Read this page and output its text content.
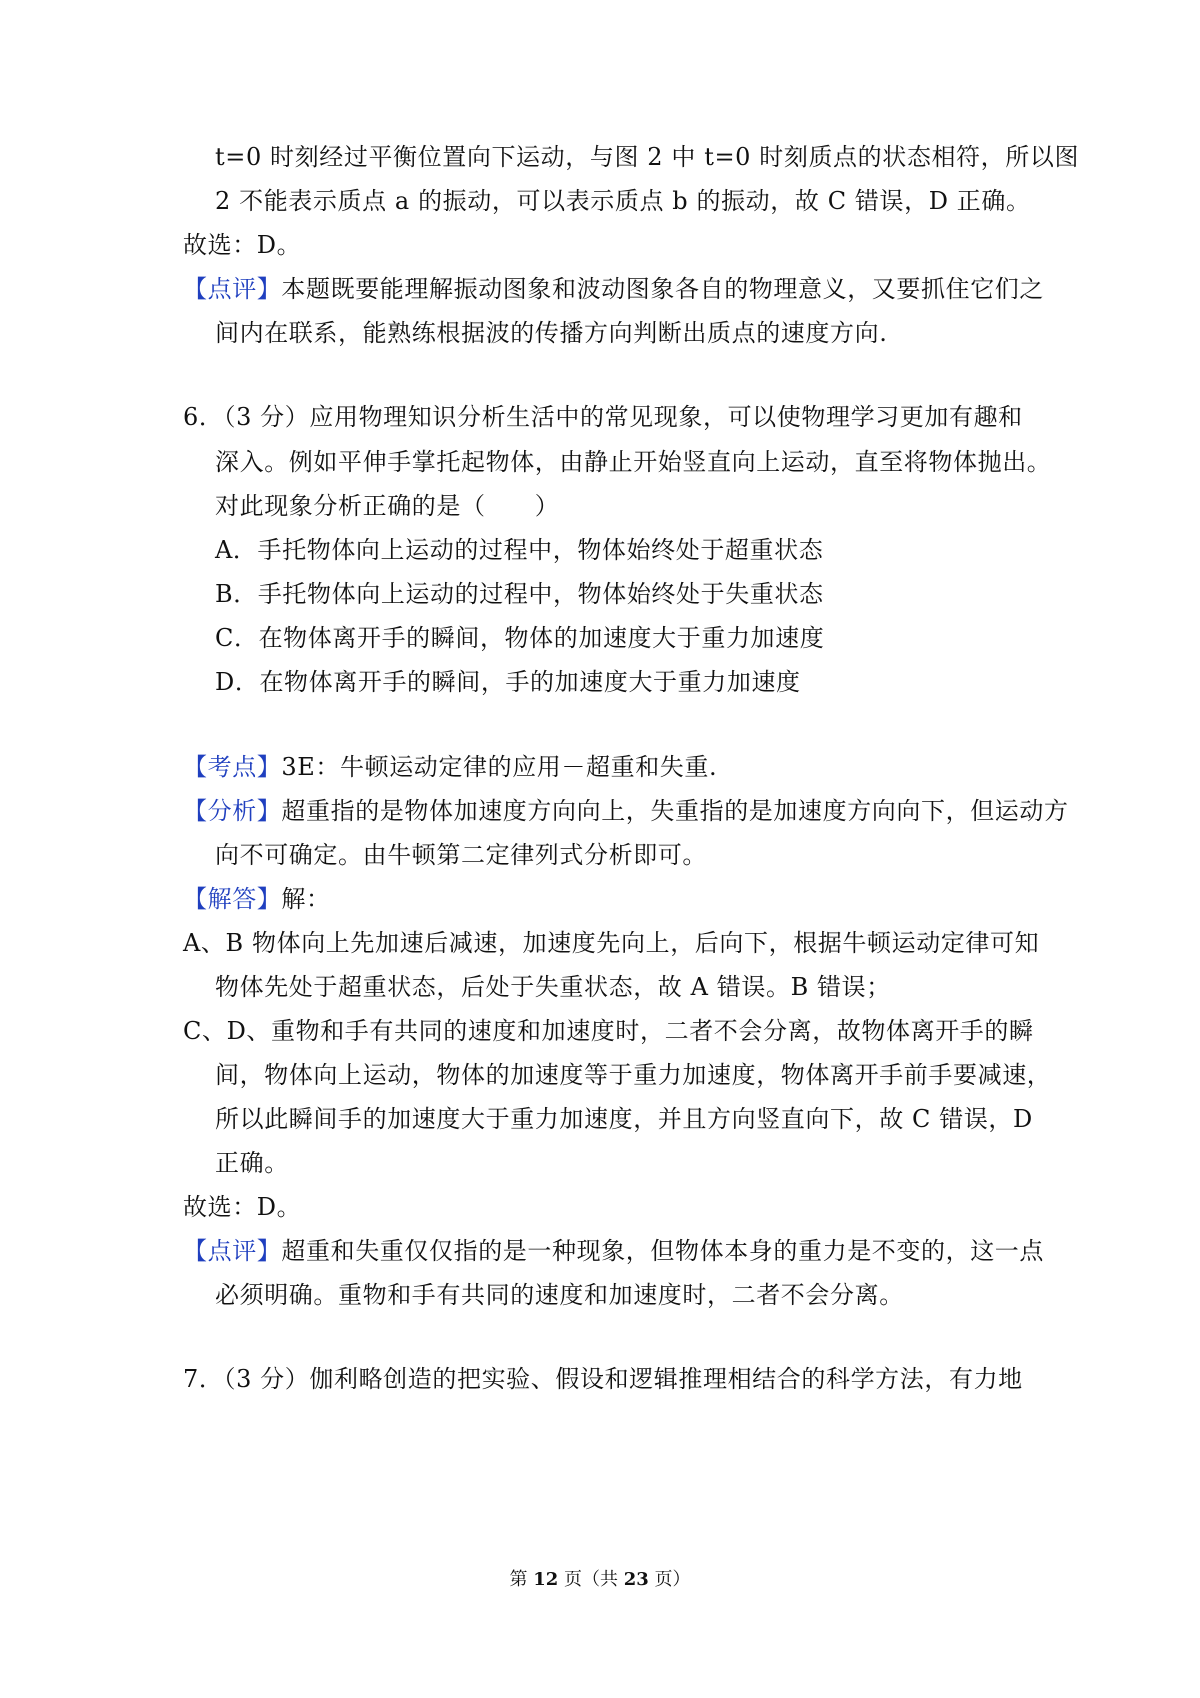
t=0 时刻经过平衡位置向下运动，与图 2 中 t=0 时刻质点的状态相符，所以图
2 不能表示质点 a 的振动，可以表示质点 b 的振动，故 C 错误，D 正确。
故选：D。
【点评】本题既要能理解振动图象和波动图象各自的物理意义，又要抓住它们之
间内在联系，能熟练根据波的传播方向判断出质点的速度方向.
6．（3 分）应用物理知识分析生活中的常见现象，可以使物理学习更加有趣和
深入。例如平伸手掌托起物体，由静止开始竖直向上运动，直至将物体抛出。
对此现象分析正确的是（　　）
A．手托物体向上运动的过程中，物体始终处于超重状态
B．手托物体向上运动的过程中，物体始终处于失重状态
C．在物体离开手的瞬间，物体的加速度大于重力加速度
D．在物体离开手的瞬间，手的加速度大于重力加速度
【考点】3E：牛顿运动定律的应用－超重和失重.
【分析】超重指的是物体加速度方向向上，失重指的是加速度方向向下，但运动方
向不可确定。由牛顿第二定律列式分析即可。
【解答】解：
A、B 物体向上先加速后减速，加速度先向上，后向下，根据牛顿运动定律可知
物体先处于超重状态，后处于失重状态，故 A 错误。B 错误；
C、D、重物和手有共同的速度和加速度时，二者不会分离，故物体离开手的瞬
间，物体向上运动，物体的加速度等于重力加速度，物体离开手前手要减速，
所以此瞬间手的加速度大于重力加速度，并且方向竖直向下，故 C 错误，D
正确。
故选：D。
【点评】超重和失重仅仅指的是一种现象，但物体本身的重力是不变的，这一点
必须明确。重物和手有共同的速度和加速度时，二者不会分离。
7．（3 分）伽利略创造的把实验、假设和逻辑推理相结合的科学方法，有力地
第 12 页（共 23 页）
